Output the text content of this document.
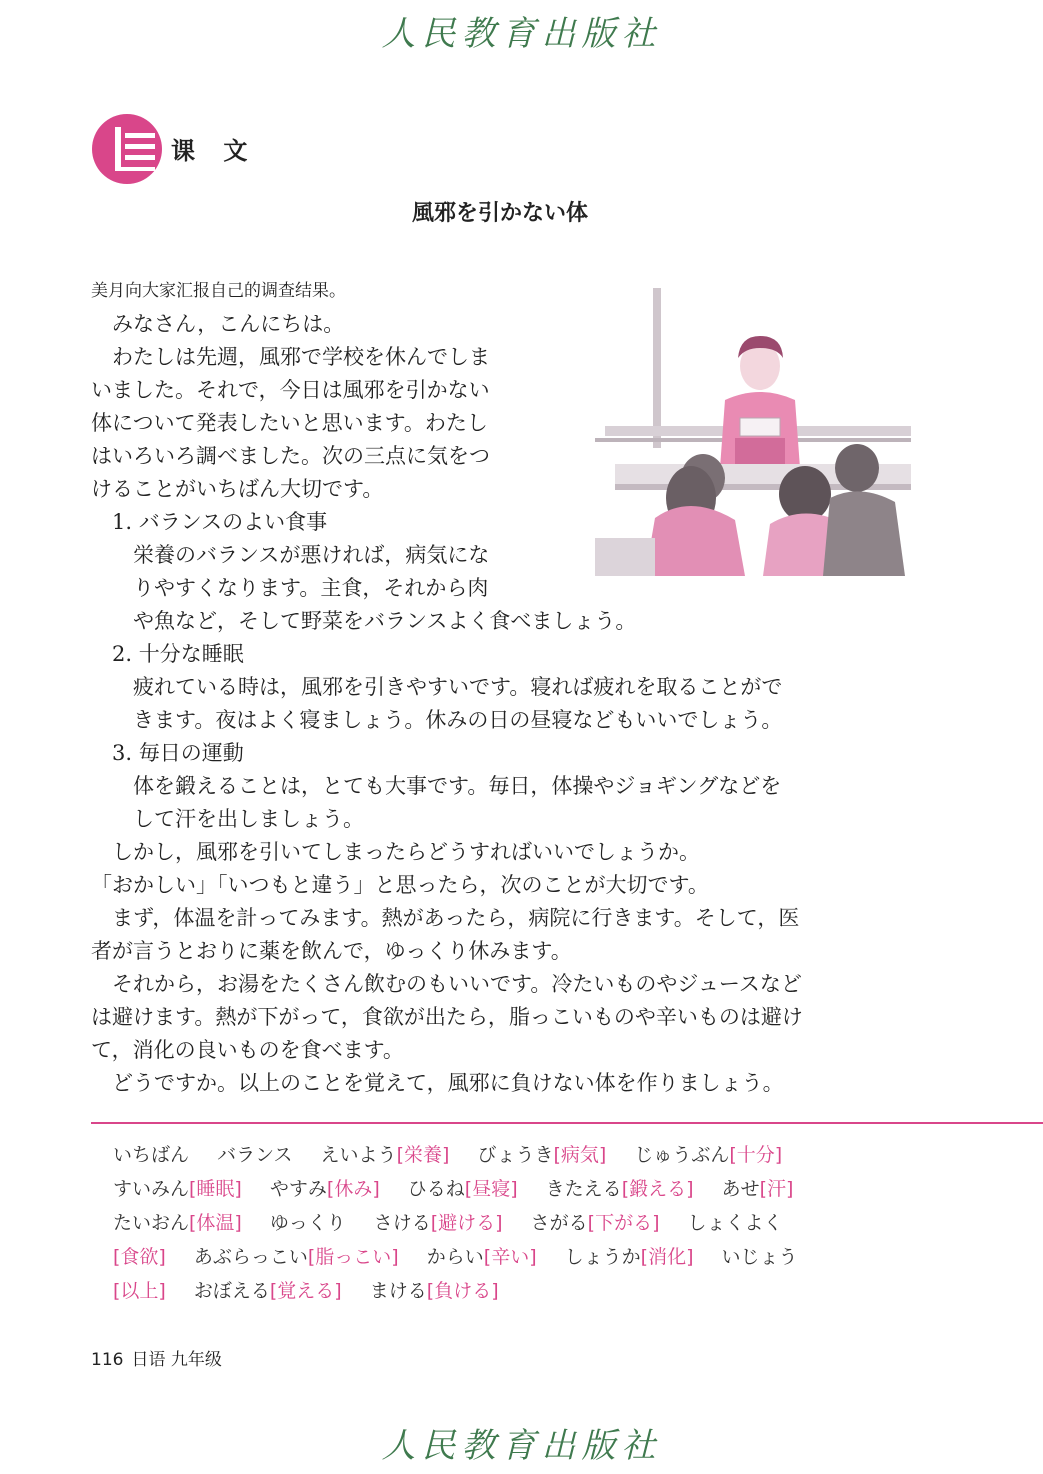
人民教育出版社
课 文
風邪を引かない体
美月向大家汇报自己的调查结果。
　みなさん，こんにちは。
　わたしは先週，風邪で学校を休んでしま
いました。それで，今日は風邪を引かない
体について発表したいと思います。わたし
はいろいろ調べました。次の三点に気をつ
けることがいちばん大切です。
　1. バランスのよい食事
　　栄養のバランスが悪ければ，病気にな
　　りやすくなります。主食，それから肉
　　や魚など，そして野菜をバランスよく食べましょう。
　2. 十分な睡眠
　　疲れている時は，風邪を引きやすいです。寝れば疲れを取ることがで
　　きます。夜はよく寝ましょう。休みの日の昼寝などもいいでしょう。
　3. 毎日の運動
　　体を鍛えることは，とても大事です。毎日，体操やジョギングなどを
　　して汗を出しましょう。
　しかし，風邪を引いてしまったらどうすればいいでしょうか。
「おかしい」「いつもと違う」と思ったら，次のことが大切です。
　まず，体温を計ってみます。熱があったら，病院に行きます。そして，医
者が言うとおりに薬を飲んで，ゆっくり休みます。
　それから，お湯をたくさん飲むのもいいです。冷たいものやジュースなど
は避けます。熱が下がって，食欲が出たら，脂っこいものや辛いものは避け
て，消化の良いものを食べます。
　どうですか。以上のことを覚えて，風邪に負けない体を作りましょう。
いちばん バランス えいよう[栄養] びょうき[病気] じゅうぶん[十分]
すいみん[睡眠] やすみ[休み] ひるね[昼寝] きたえる[鍛える] あせ[汗]
たいおん[体温] ゆっくり さける[避ける] さがる[下がる] しょくよく
[食欲] あぶらっこい[脂っこい] からい[辛い] しょうか[消化] いじょう
[以上] おぼえる[覚える] まける[負ける]
116 日语 九年级
人民教育出版社
